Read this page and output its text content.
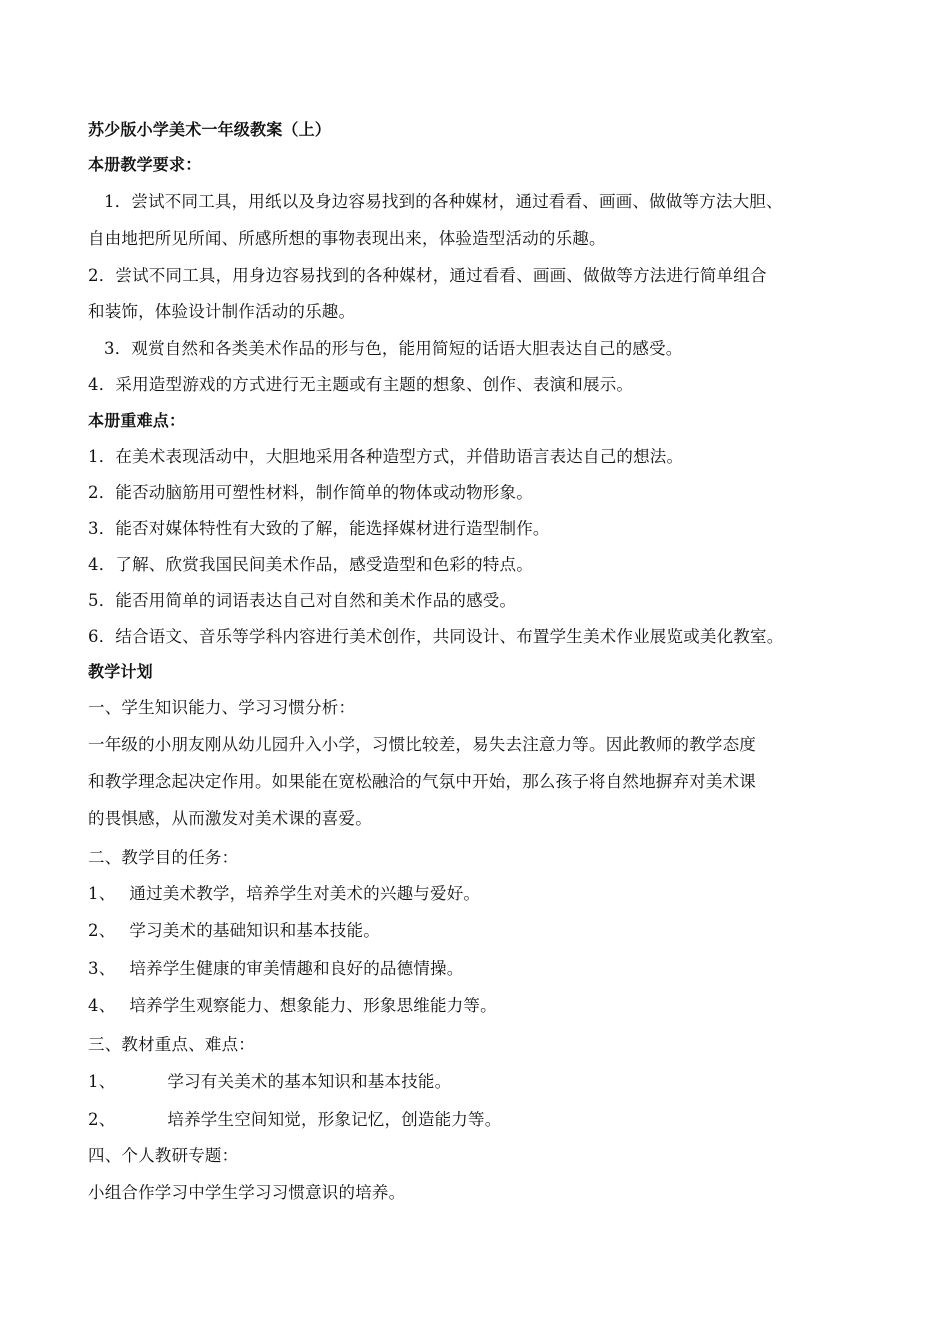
苏少版小学美术一年级教案（上）
本册教学要求：
1．尝试不同工具，用纸以及身边容易找到的各种媒材，通过看看、画画、做做等方法大胆、
自由地把所见所闻、所感所想的事物表现出来，体验造型活动的乐趣。
2．尝试不同工具，用身边容易找到的各种媒材，通过看看、画画、做做等方法进行简单组合
和装饰，体验设计制作活动的乐趣。
3．观赏自然和各类美术作品的形与色，能用简短的话语大胆表达自己的感受。
4．采用造型游戏的方式进行无主题或有主题的想象、创作、表演和展示。
本册重难点：
1．在美术表现活动中，大胆地采用各种造型方式，并借助语言表达自己的想法。
2．能否动脑筋用可塑性材料，制作简单的物体或动物形象。
3．能否对媒体特性有大致的了解，能选择媒材进行造型制作。
4．了解、欣赏我国民间美术作品，感受造型和色彩的特点。
5．能否用简单的词语表达自己对自然和美术作品的感受。
6．结合语文、音乐等学科内容进行美术创作，共同设计、布置学生美术作业展览或美化教室。
教学计划
一、学生知识能力、学习习惯分析：
一年级的小朋友刚从幼儿园升入小学，习惯比较差，易失去注意力等。因此教师的教学态度
和教学理念起决定作用。如果能在宽松融洽的气氛中开始，那么孩子将自然地摒弃对美术课
的畏惧感，从而激发对美术课的喜爱。
二、教学目的任务：
1、 通过美术教学，培养学生对美术的兴趣与爱好。
2、 学习美术的基础知识和基本技能。
3、 培养学生健康的审美情趣和良好的品德情操。
4、 培养学生观察能力、想象能力、形象思维能力等。
三、教材重点、难点：
1、	学习有关美术的基本知识和基本技能。
2、	培养学生空间知觉，形象记忆，创造能力等。
四、个人教研专题：
小组合作学习中学生学习习惯意识的培养。
